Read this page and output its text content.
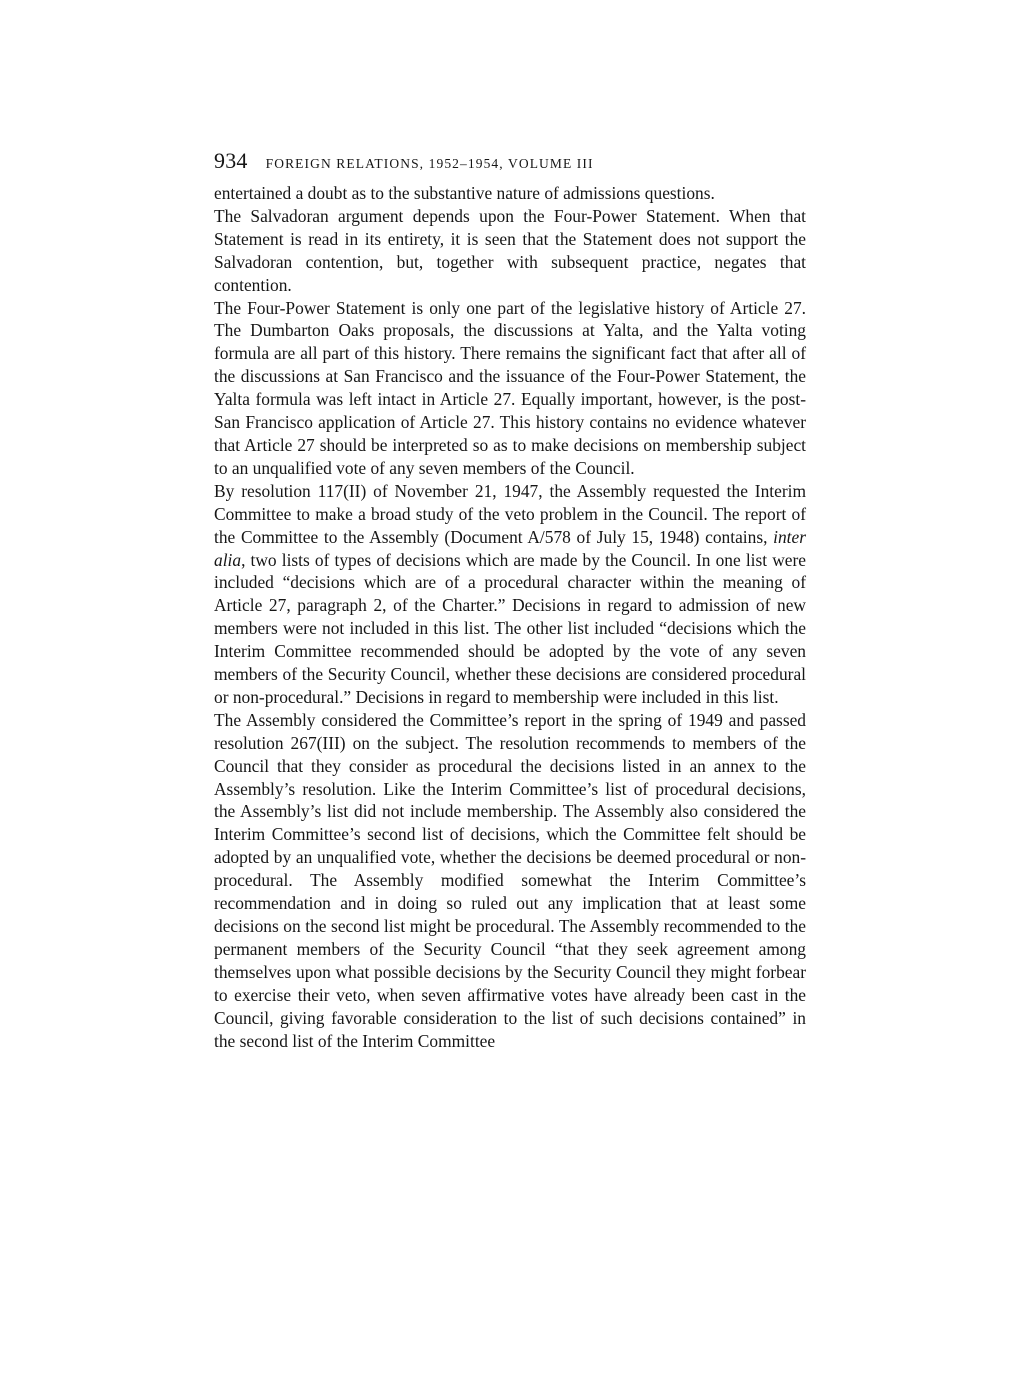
934 FOREIGN RELATIONS, 1952–1954, VOLUME III

entertained a doubt as to the substantive nature of admissions questions.

The Salvadoran argument depends upon the Four-Power Statement. When that Statement is read in its entirety, it is seen that the Statement does not support the Salvadoran contention, but, together with subsequent practice, negates that contention.

The Four-Power Statement is only one part of the legislative history of Article 27. The Dumbarton Oaks proposals, the discussions at Yalta, and the Yalta voting formula are all part of this history. There remains the significant fact that after all of the discussions at San Francisco and the issuance of the Four-Power Statement, the Yalta formula was left intact in Article 27. Equally important, however, is the post-San Francisco application of Article 27. This history contains no evidence whatever that Article 27 should be interpreted so as to make decisions on membership subject to an unqualified vote of any seven members of the Council.

By resolution 117(II) of November 21, 1947, the Assembly requested the Interim Committee to make a broad study of the veto problem in the Council. The report of the Committee to the Assembly (Document A/578 of July 15, 1948) contains, inter alia, two lists of types of decisions which are made by the Council. In one list were included “decisions which are of a procedural character within the meaning of Article 27, paragraph 2, of the Charter.” Decisions in regard to admission of new members were not included in this list. The other list included “decisions which the Interim Committee recommended should be adopted by the vote of any seven members of the Security Council, whether these decisions are considered procedural or non-procedural.” Decisions in regard to membership were included in this list.

The Assembly considered the Committee’s report in the spring of 1949 and passed resolution 267(III) on the subject. The resolution recommends to members of the Council that they consider as procedural the decisions listed in an annex to the Assembly’s resolution. Like the Interim Committee’s list of procedural decisions, the Assembly’s list did not include membership. The Assembly also considered the Interim Committee’s second list of decisions, which the Committee felt should be adopted by an unqualified vote, whether the decisions be deemed procedural or non-procedural. The Assembly modified somewhat the Interim Committee’s recommendation and in doing so ruled out any implication that at least some decisions on the second list might be procedural. The Assembly recommended to the permanent members of the Security Council “that they seek agreement among themselves upon what possible decisions by the Security Council they might forbear to exercise their veto, when seven affirmative votes have already been cast in the Council, giving favorable consideration to the list of such decisions contained” in the second list of the Interim Committee
